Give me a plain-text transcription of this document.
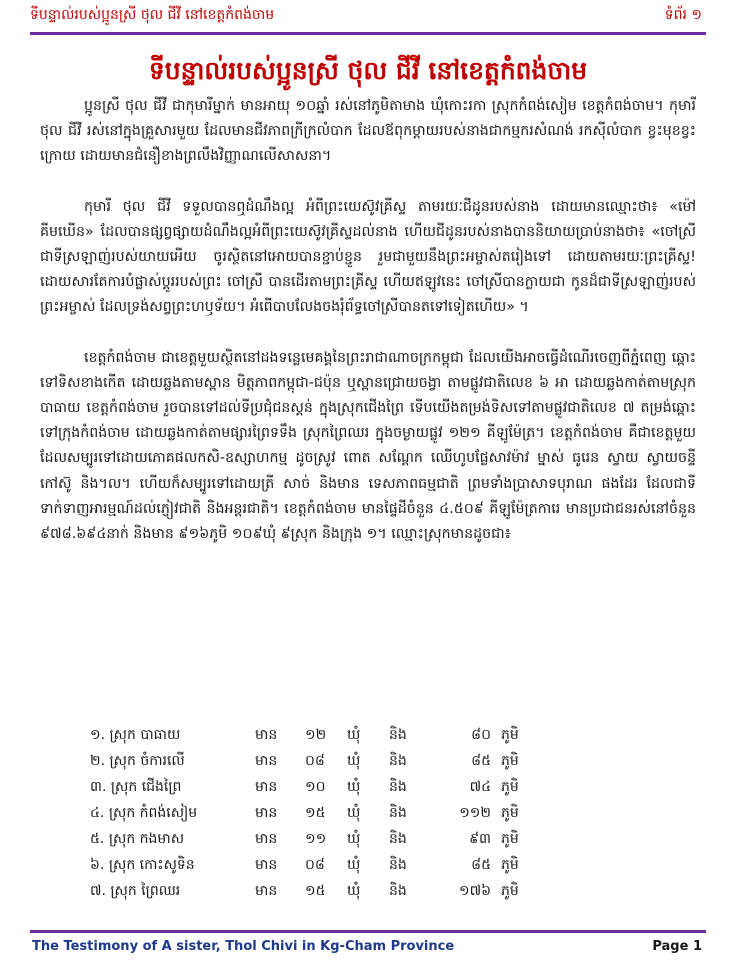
ទីបន្ទាល់របស់ប្អូនស្រី ថុល ជីវី នៅខេត្តកំពង់ចាម	ទំព័រ ១
ទីបន្ទាល់របស់ប្អូនស្រី ថុល ជីវី នៅខេត្តកំពង់ចាម

ប្អូនស្រី ថុល ជីវី ជាកុមារីម្នាក់ មានអាយុ ១០ឆ្នាំ រស់នៅភូមិតាមាង ឃុំកោះរកា ស្រុកកំពង់សៀម ខេត្តកំពង់ចាម។ កុមារី ថុល ជីវី រស់នៅក្នុងគ្រួសារមួយ ដែលមានជីវភាពក្រីក្រលំបាក ដែលឪពុកម្តាយរបស់នាងជាកម្មករសំណង់ រកស៊ីលំបាក ខ្វះមុខខ្វះក្រោយ ដោយមានជំនឿខាងព្រលឹងវិញ្ញាណលើសាសនា។

កុមារី ថុល ជីវី ទទួលបានឮដំណឹងល្អ អំពីព្រះយេស៊ូវគ្រីស្ទ តាមរយៈជីដូនរបស់នាង ដោយមានឈ្មោះថា៖ «ម៉ៅ គីមឃើន» ដែលបានផ្សព្វផ្សាយដំណឹងល្អអំពីព្រះយេស៊ូវគ្រីស្ទដល់នាង ហើយជីដូនរបស់នាងបាននិយាយប្រាប់នាងថា៖ «ចៅស្រីជាទីស្រឡាញ់របស់យាយអើយ ចូរស្ថិតនៅអោយបានខ្ជាប់ខ្ជួន រួមជាមួយនឹងព្រះអម្ចាស់តរៀងទៅ ដោយតាមរយៈព្រះគ្រីស្ទ! ដោយសារតែការបំផ្លាស់ប្តូររបស់ព្រះ ចៅស្រី បានដើរតាមព្រះគ្រីស្ទ ហើយឥឡូវនេះ ចៅស្រីបានក្លាយជា កូនដ៏ជាទីស្រឡាញ់របស់ព្រះអម្ចាស់ ដែលទ្រង់សព្វព្រះហឫទ័យ។ អំពើបាបលែងចងរុំព័ទ្ធចៅស្រីបានតទៅទៀតហើយ» ។

ខេត្តកំពង់ចាម ជាខេត្តមួយស្ថិតនៅដងទន្លេមេគង្គនៃព្រះរាជាណាចក្រកម្ពុជា ដែលយើងអាចធ្វើដំណើរចេញពីភ្នំពេញ ឆ្ពោះទៅទិសខាងកើត ដោយឆ្លងតាមស្ពាន មិត្តភាពកម្ពុជា-ជប៉ុន ឬស្ពានជ្រោយចង្វា តាមផ្លូវជាតិលេខ ៦ អា ដោយឆ្លងកាត់តាមស្រុកបាធាយ ខេត្តកំពង់ចាម រួចបានទៅដល់ទីប្រជុំជនស្គន់ ក្នុងស្រុកជើងព្រៃ ទើបយើងតម្រង់ទិសទៅតាមផ្លូវជាតិលេខ ៧ តម្រង់ឆ្ពោះទៅក្រុងកំពង់ចាម ដោយឆ្លងកាត់តាមផ្សារព្រៃទទឹង ស្រុកព្រៃឈរ ក្នុងចម្ងាយផ្លូវ ១២១ គីឡូម៉ែត្រ។ ខេត្តកំពង់ចាម គឺជាខេត្តមួយដែលសម្បូរទៅដោយភោគផលកសិ-ឧស្សាហកម្ម ដូចស្រូវ ពោត សណ្តែក ឈើហូបផ្លែសាវម៉ាវ ម្នាស់ ធូរេន ស្វាយ ស្វាយចន្ទី កៅស៊ូ និង។ល។ ហើយក៏សម្បូរទៅដោយត្រី សាច់ និងមាន ទេសភាពធម្មជាតិ ព្រមទាំងប្រាសាទបុរាណ ផងដែរ ដែលជាទីទាក់ទាញអារម្មណ៍ដល់ភ្ញៀវជាតិ និងអន្តរជាតិ។ ខេត្តកំពង់ចាម មានផ្ទៃដីចំនួន ៤.៥០៩ គីឡូម៉ែត្រការេ មានប្រជាជនរស់នៅចំនួន ៩៧៨.៦៩៤នាក់ និងមាន ៩១៦ភូមិ ១០៩ឃុំ ៩ស្រុក និងក្រុង ១។ ឈ្មោះស្រុកមានដូចជា៖

១. ស្រុក បាធាយ	មាន	១២	ឃុំ	និង	៨០	ភូមិ
២. ស្រុក ចំការលើ	មាន	០៨	ឃុំ	និង	៨៥	ភូមិ
៣. ស្រុក ជើងព្រៃ	មាន	១០	ឃុំ	និង	៧៤	ភូមិ
៤. ស្រុក កំពង់សៀម	មាន	១៥	ឃុំ	និង	១១២	ភូមិ
៥. ស្រុក កងមាស	មាន	១១	ឃុំ	និង	៩៣	ភូមិ
៦. ស្រុក កោះសូទិន	មាន	០៨	ឃុំ	និង	៨៥	ភូមិ
៧. ស្រុក ព្រៃឈរ	មាន	១៥	ឃុំ	និង	១៧៦	ភូមិ
The Testimony of A sister, Thol Chivi in Kg-Cham Province	Page 1
